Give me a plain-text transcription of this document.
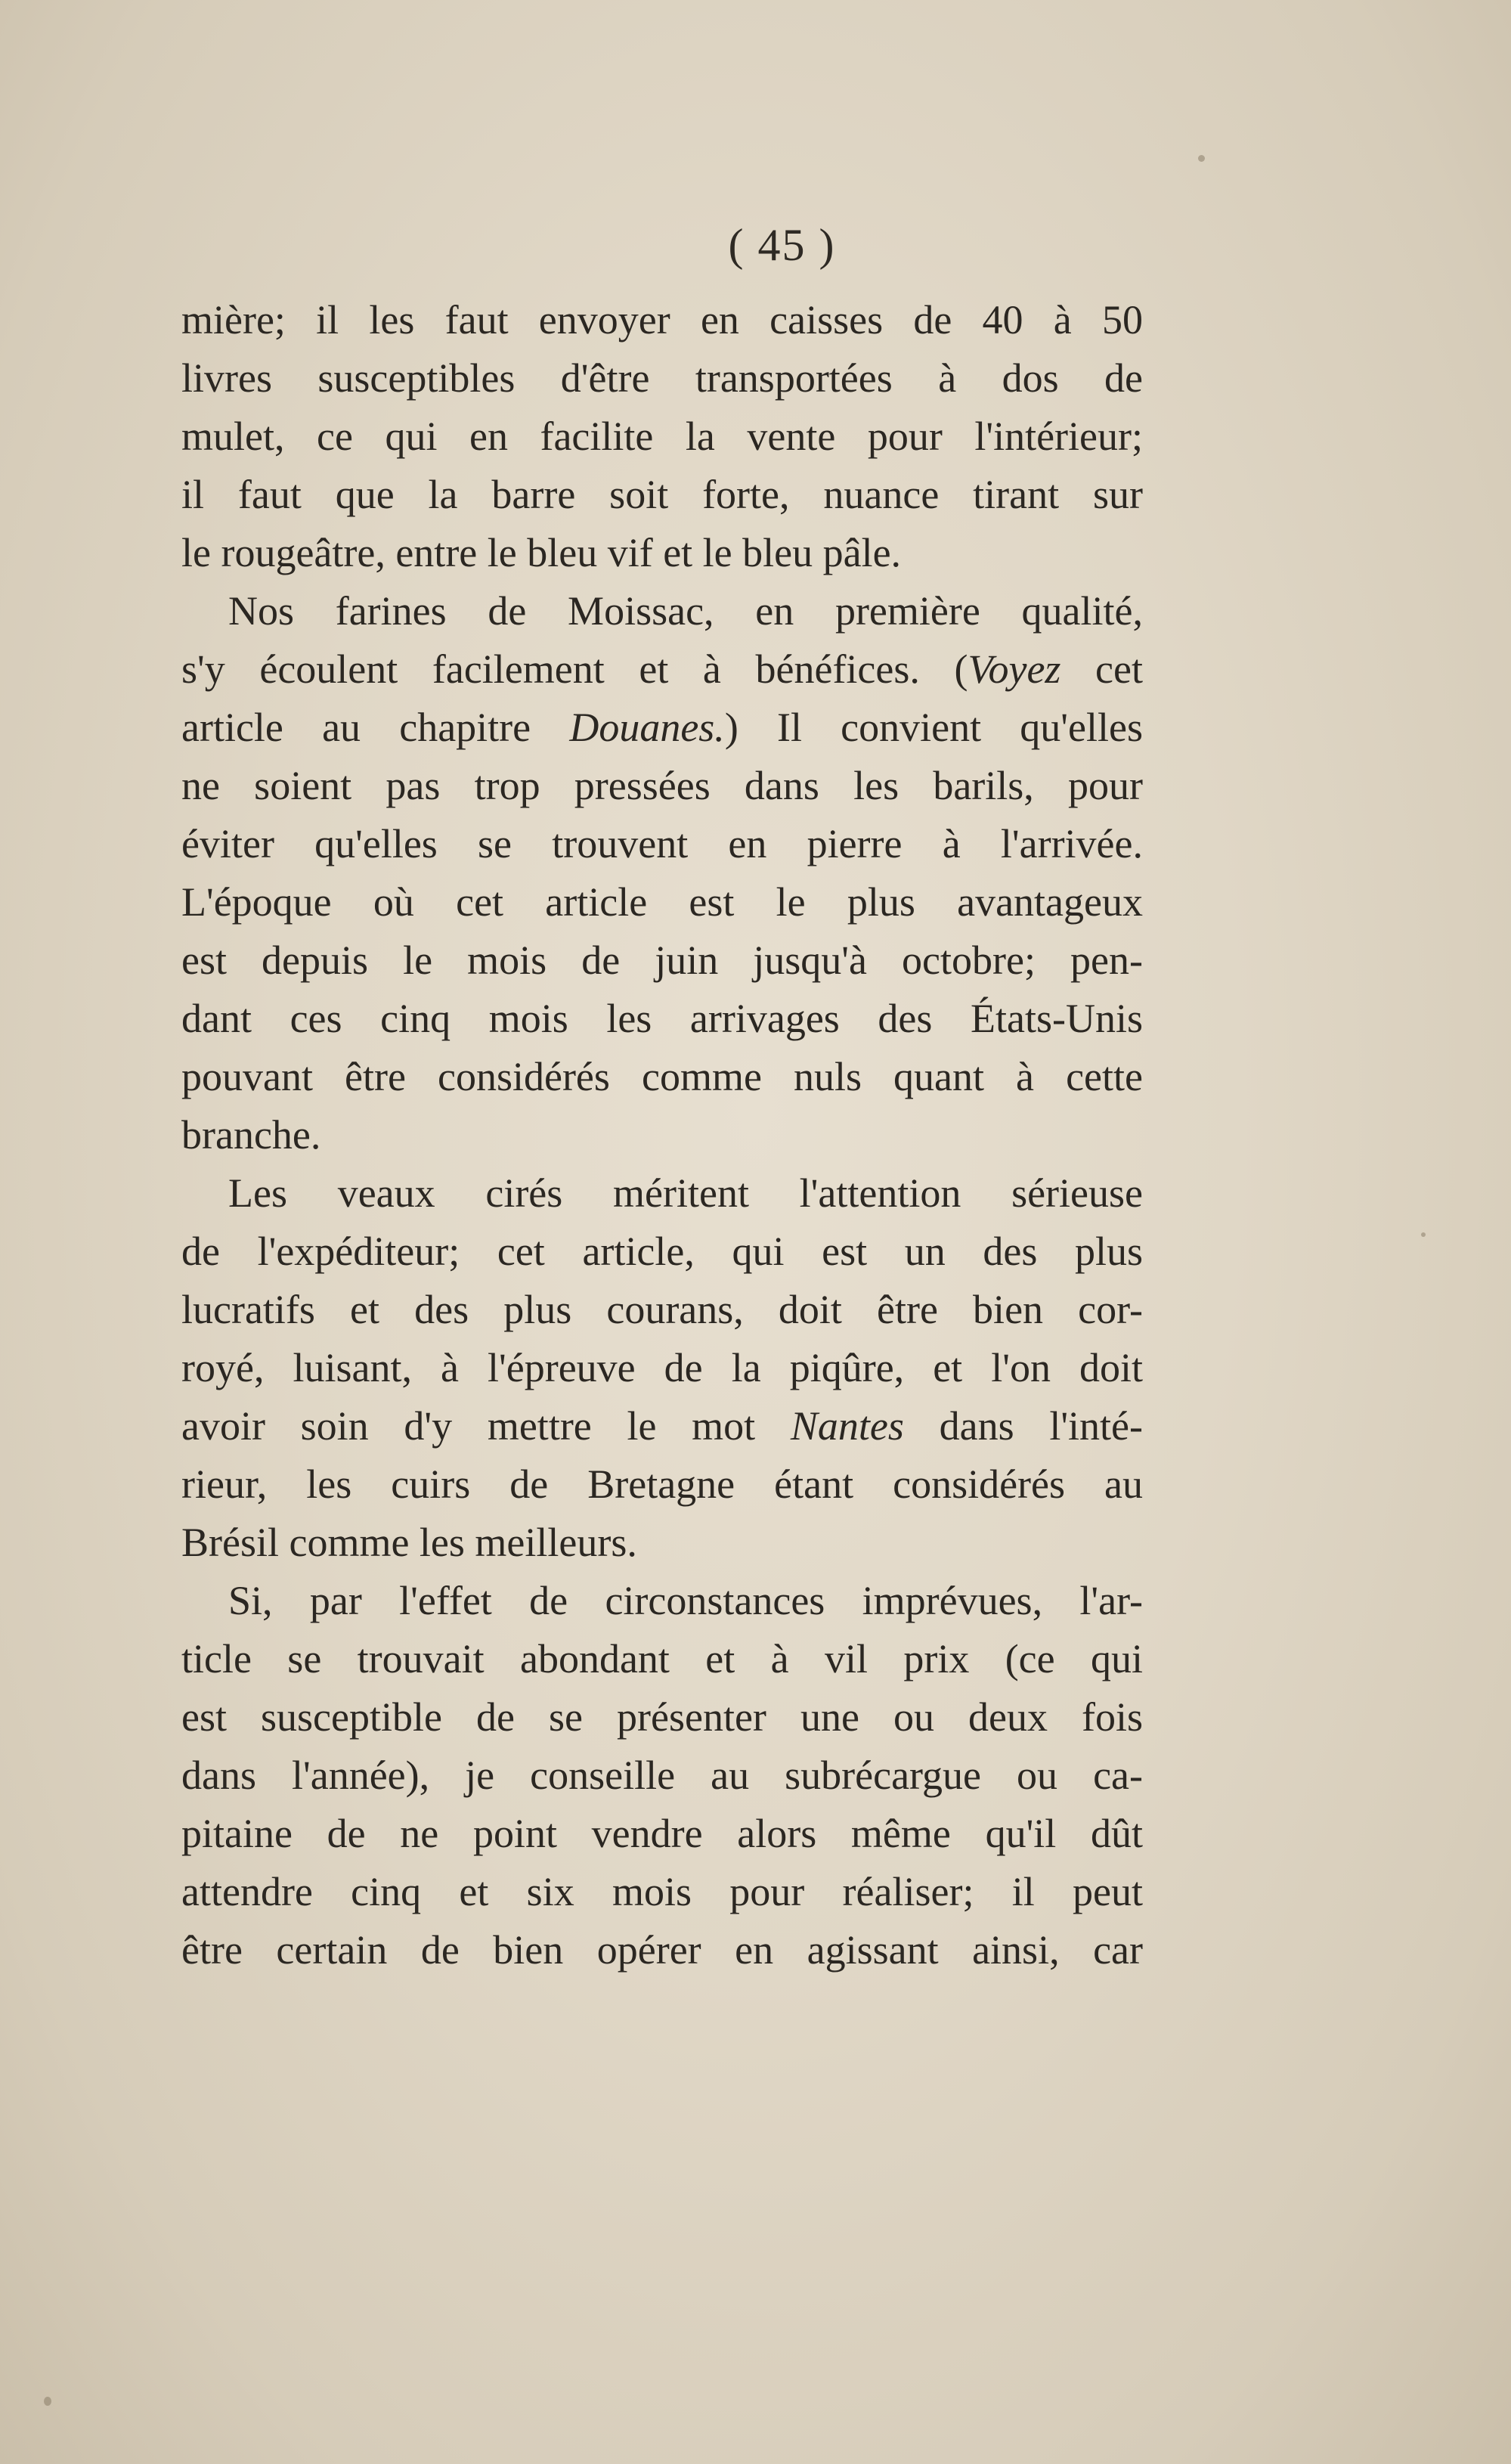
( 45 )
mière; il les faut envoyer en caisses de 40 à 50
livres susceptibles d'être transportées à dos de
mulet, ce qui en facilite la vente pour l'intérieur;
il faut que la barre soit forte, nuance tirant sur
le rougeâtre, entre le bleu vif et le bleu pâle.
Nos farines de Moissac, en première qualité,
s'y écoulent facilement et à bénéfices. (Voyez cet
article au chapitre Douanes.) Il convient qu'elles
ne soient pas trop pressées dans les barils, pour
éviter qu'elles se trouvent en pierre à l'arrivée.
L'époque où cet article est le plus avantageux
est depuis le mois de juin jusqu'à octobre; pen-
dant ces cinq mois les arrivages des États-Unis
pouvant être considérés comme nuls quant à cette
branche.
Les veaux cirés méritent l'attention sérieuse
de l'expéditeur; cet article, qui est un des plus
lucratifs et des plus courans, doit être bien cor-
royé, luisant, à l'épreuve de la piqûre, et l'on doit
avoir soin d'y mettre le mot Nantes dans l'inté-
rieur, les cuirs de Bretagne étant considérés au
Brésil comme les meilleurs.
Si, par l'effet de circonstances imprévues, l'ar-
ticle se trouvait abondant et à vil prix (ce qui
est susceptible de se présenter une ou deux fois
dans l'année), je conseille au subrécargue ou ca-
pitaine de ne point vendre alors même qu'il dût
attendre cinq et six mois pour réaliser; il peut
être certain de bien opérer en agissant ainsi, car
